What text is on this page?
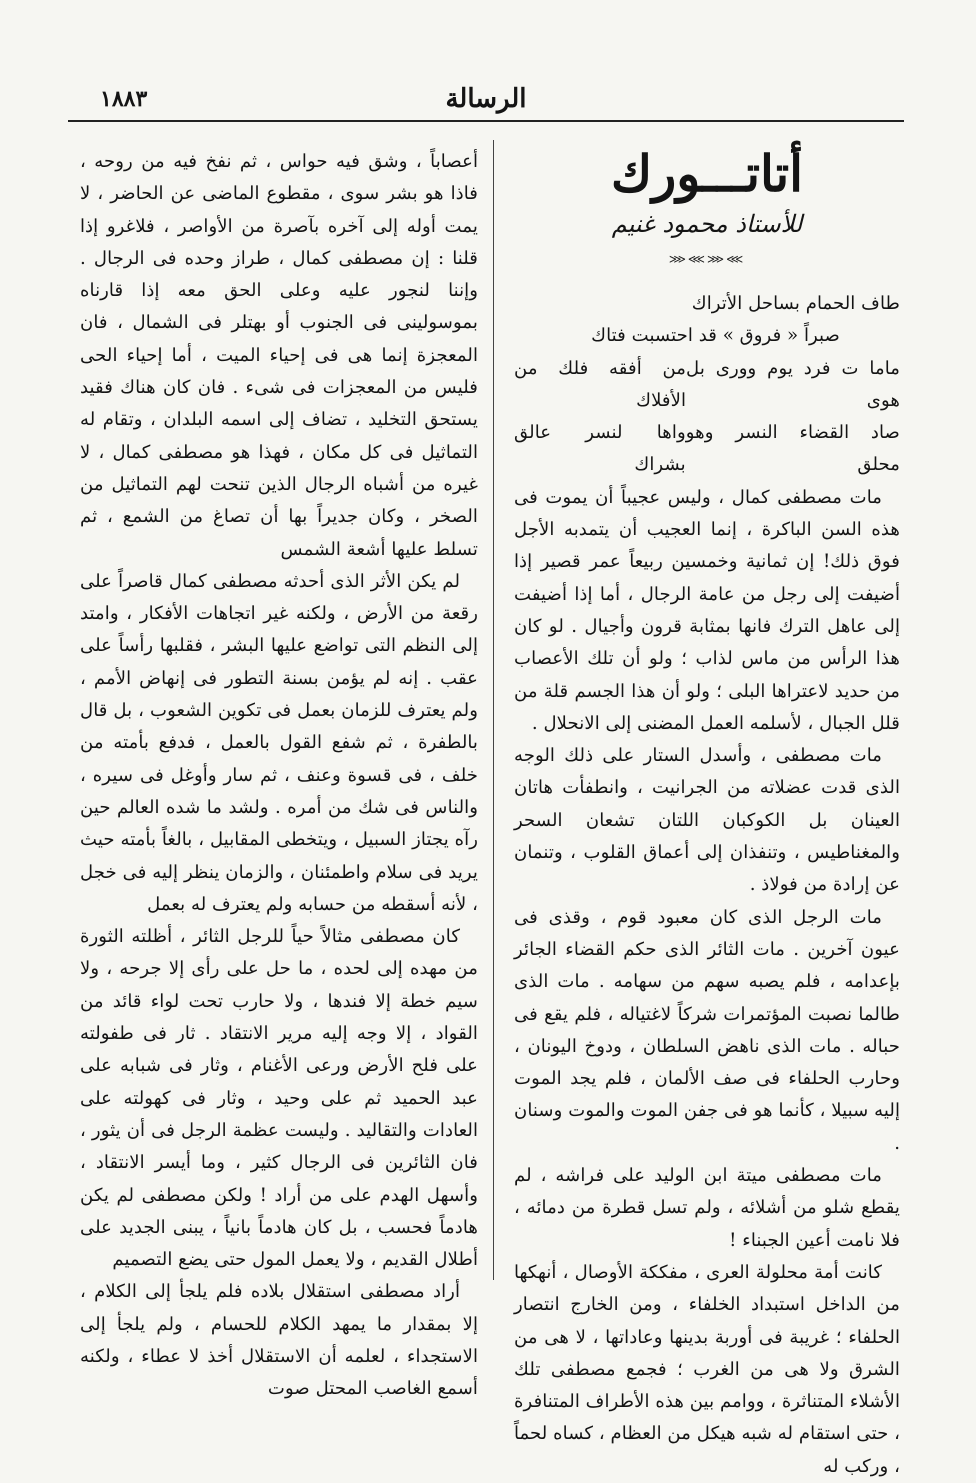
١٨٨٣	الرسالة
أتاتـــورك
للأستاذ محمود غنيم
⋙⋘⋙⋘
طاف الحمام بساحل الأتراك
صبراً « فروق » قد احتسبت فتاك
ماما ت فرد يوم وورى بل هوى
من أفقه فلك من الأفلاك
صاد القضاء النسر وهو محلق
واها لنسر عالق بشراك

مات مصطفى كمال ، وليس عجيباً أن يموت فى هذه السن الباكرة ، إنما العجيب أن يتمدبه الأجل فوق ذلك! إن ثمانية وخمسين ربيعاً عمر قصير إذا أضيفت إلى رجل من عامة الرجال ، أما إذا أضيفت إلى عاهل الترك فانها بمثابة قرون وأجيال . لو كان هذا الرأس من ماس لذاب ؛ ولو أن تلك الأعصاب من حديد لاعتراها البلى ؛ ولو أن هذا الجسم قلة من قلل الجبال ، لأسلمه العمل المضنى إلى الانحلال .

مات مصطفى ، وأسدل الستار على ذلك الوجه الذى قدت عضلاته من الجرانيت ، وانطفأت هاتان العينان بل الكوكبان اللتان تشعان السحر والمغناطيس ، وتنفذان إلى أعماق القلوب ، وتنمان عن إرادة من فولاذ .

مات الرجل الذى كان معبود قوم ، وقذى فى عيون آخرين . مات الثائر الذى حكم القضاء الجائر بإعدامه ، فلم يصبه سهم من سهامه . مات الذى طالما نصبت المؤتمرات شركاً لاغتياله ، فلم يقع فى حباله . مات الذى ناهض السلطان ، ودوخ اليونان ، وحارب الحلفاء فى صف الألمان ، فلم يجد الموت إليه سبيلا ، كأنما هو فى جفن الموت والموت وسنان .

مات مصطفى ميتة ابن الوليد على فراشه ، لم يقطع شلو من أشلائه ، ولم تسل قطرة من دمائه ، فلا نامت أعين الجبناء !

كانت أمة محلولة العرى ، مفككة الأوصال ، أنهكها من الداخل استبداد الخلفاء ، ومن الخارج انتصار الحلفاء ؛ غريبة فى أوربة بدينها وعاداتها ، لا هى من الشرق ولا هى من الغرب ؛ فجمع مصطفى تلك الأشلاء المتناثرة ، ووامم بين هذه الأطراف المتنافرة ، حتى استقام له شبه هيكل من العظام ، كساه لحماً ، وركب له

أعصاباً ، وشق فيه حواس ، ثم نفخ فيه من روحه ، فاذا هو بشر سوى ، مقطوع الماضى عن الحاضر ، لا يمت أوله إلى آخره بآصرة من الأواصر ، فلاغرو إذا قلنا : إن مصطفى كمال ، طراز وحده فى الرجال . وإننا لنجور عليه وعلى الحق معه إذا قارناه بموسولينى فى الجنوب أو بهتلر فى الشمال ، فان المعجزة إنما هى فى إحياء الميت ، أما إحياء الحى فليس من المعجزات فى شىء . فان كان هناك فقيد يستحق التخليد ، تضاف إلى اسمه البلدان ، وتقام له التماثيل فى كل مكان ، فهذا هو مصطفى كمال ، لا غيره من أشباه الرجال الذين تنحت لهم التماثيل من الصخر ، وكان جديراً بها أن تصاغ من الشمع ، ثم تسلط عليها أشعة الشمس

لم يكن الأثر الذى أحدثه مصطفى كمال قاصراً على رقعة من الأرض ، ولكنه غير اتجاهات الأفكار ، وامتد إلى النظم التى تواضع عليها البشر ، فقلبها رأساً على عقب . إنه لم يؤمن بسنة التطور فى إنهاض الأمم ، ولم يعترف للزمان بعمل فى تكوين الشعوب ، بل قال بالطفرة ، ثم شفع القول بالعمل ، فدفع بأمته من خلف ، فى قسوة وعنف ، ثم سار وأوغل فى سيره ، والناس فى شك من أمره . ولشد ما شده العالم حين رآه يجتاز السبيل ، ويتخطى المقابيل ، بالغاً بأمته حيث يريد فى سلام واطمئنان ، والزمان ينظر إليه فى خجل ، لأنه أسقطه من حسابه ولم يعترف له بعمل

كان مصطفى مثالاً حياً للرجل الثائر ، أظلته الثورة من مهده إلى لحده ، ما حل على رأى إلا جرحه ، ولا سيم خطة إلا فندها ، ولا حارب تحت لواء قائد من القواد ، إلا وجه إليه مرير الانتقاد . ثار فى طفولته على فلح الأرض ورعى الأغنام ، وثار فى شبابه على عبد الحميد ثم على وحيد ، وثار فى كهولته على العادات والتقاليد . وليست عظمة الرجل فى أن يثور ، فان الثائرين فى الرجال كثير ، وما أيسر الانتقاد ، وأسهل الهدم على من أراد ! ولكن مصطفى لم يكن هادماً فحسب ، بل كان هادماً بانياً ، يبنى الجديد على أطلال القديم ، ولا يعمل المول حتى يضع التصميم

أراد مصطفى استقلال بلاده فلم يلجأ إلى الكلام ، إلا بمقدار ما يمهد الكلام للحسام ، ولم يلجأ إلى الاستجداء ، لعلمه أن الاستقلال أخذ لا عطاء ، ولكنه أسمع الغاصب المحتل صوت
